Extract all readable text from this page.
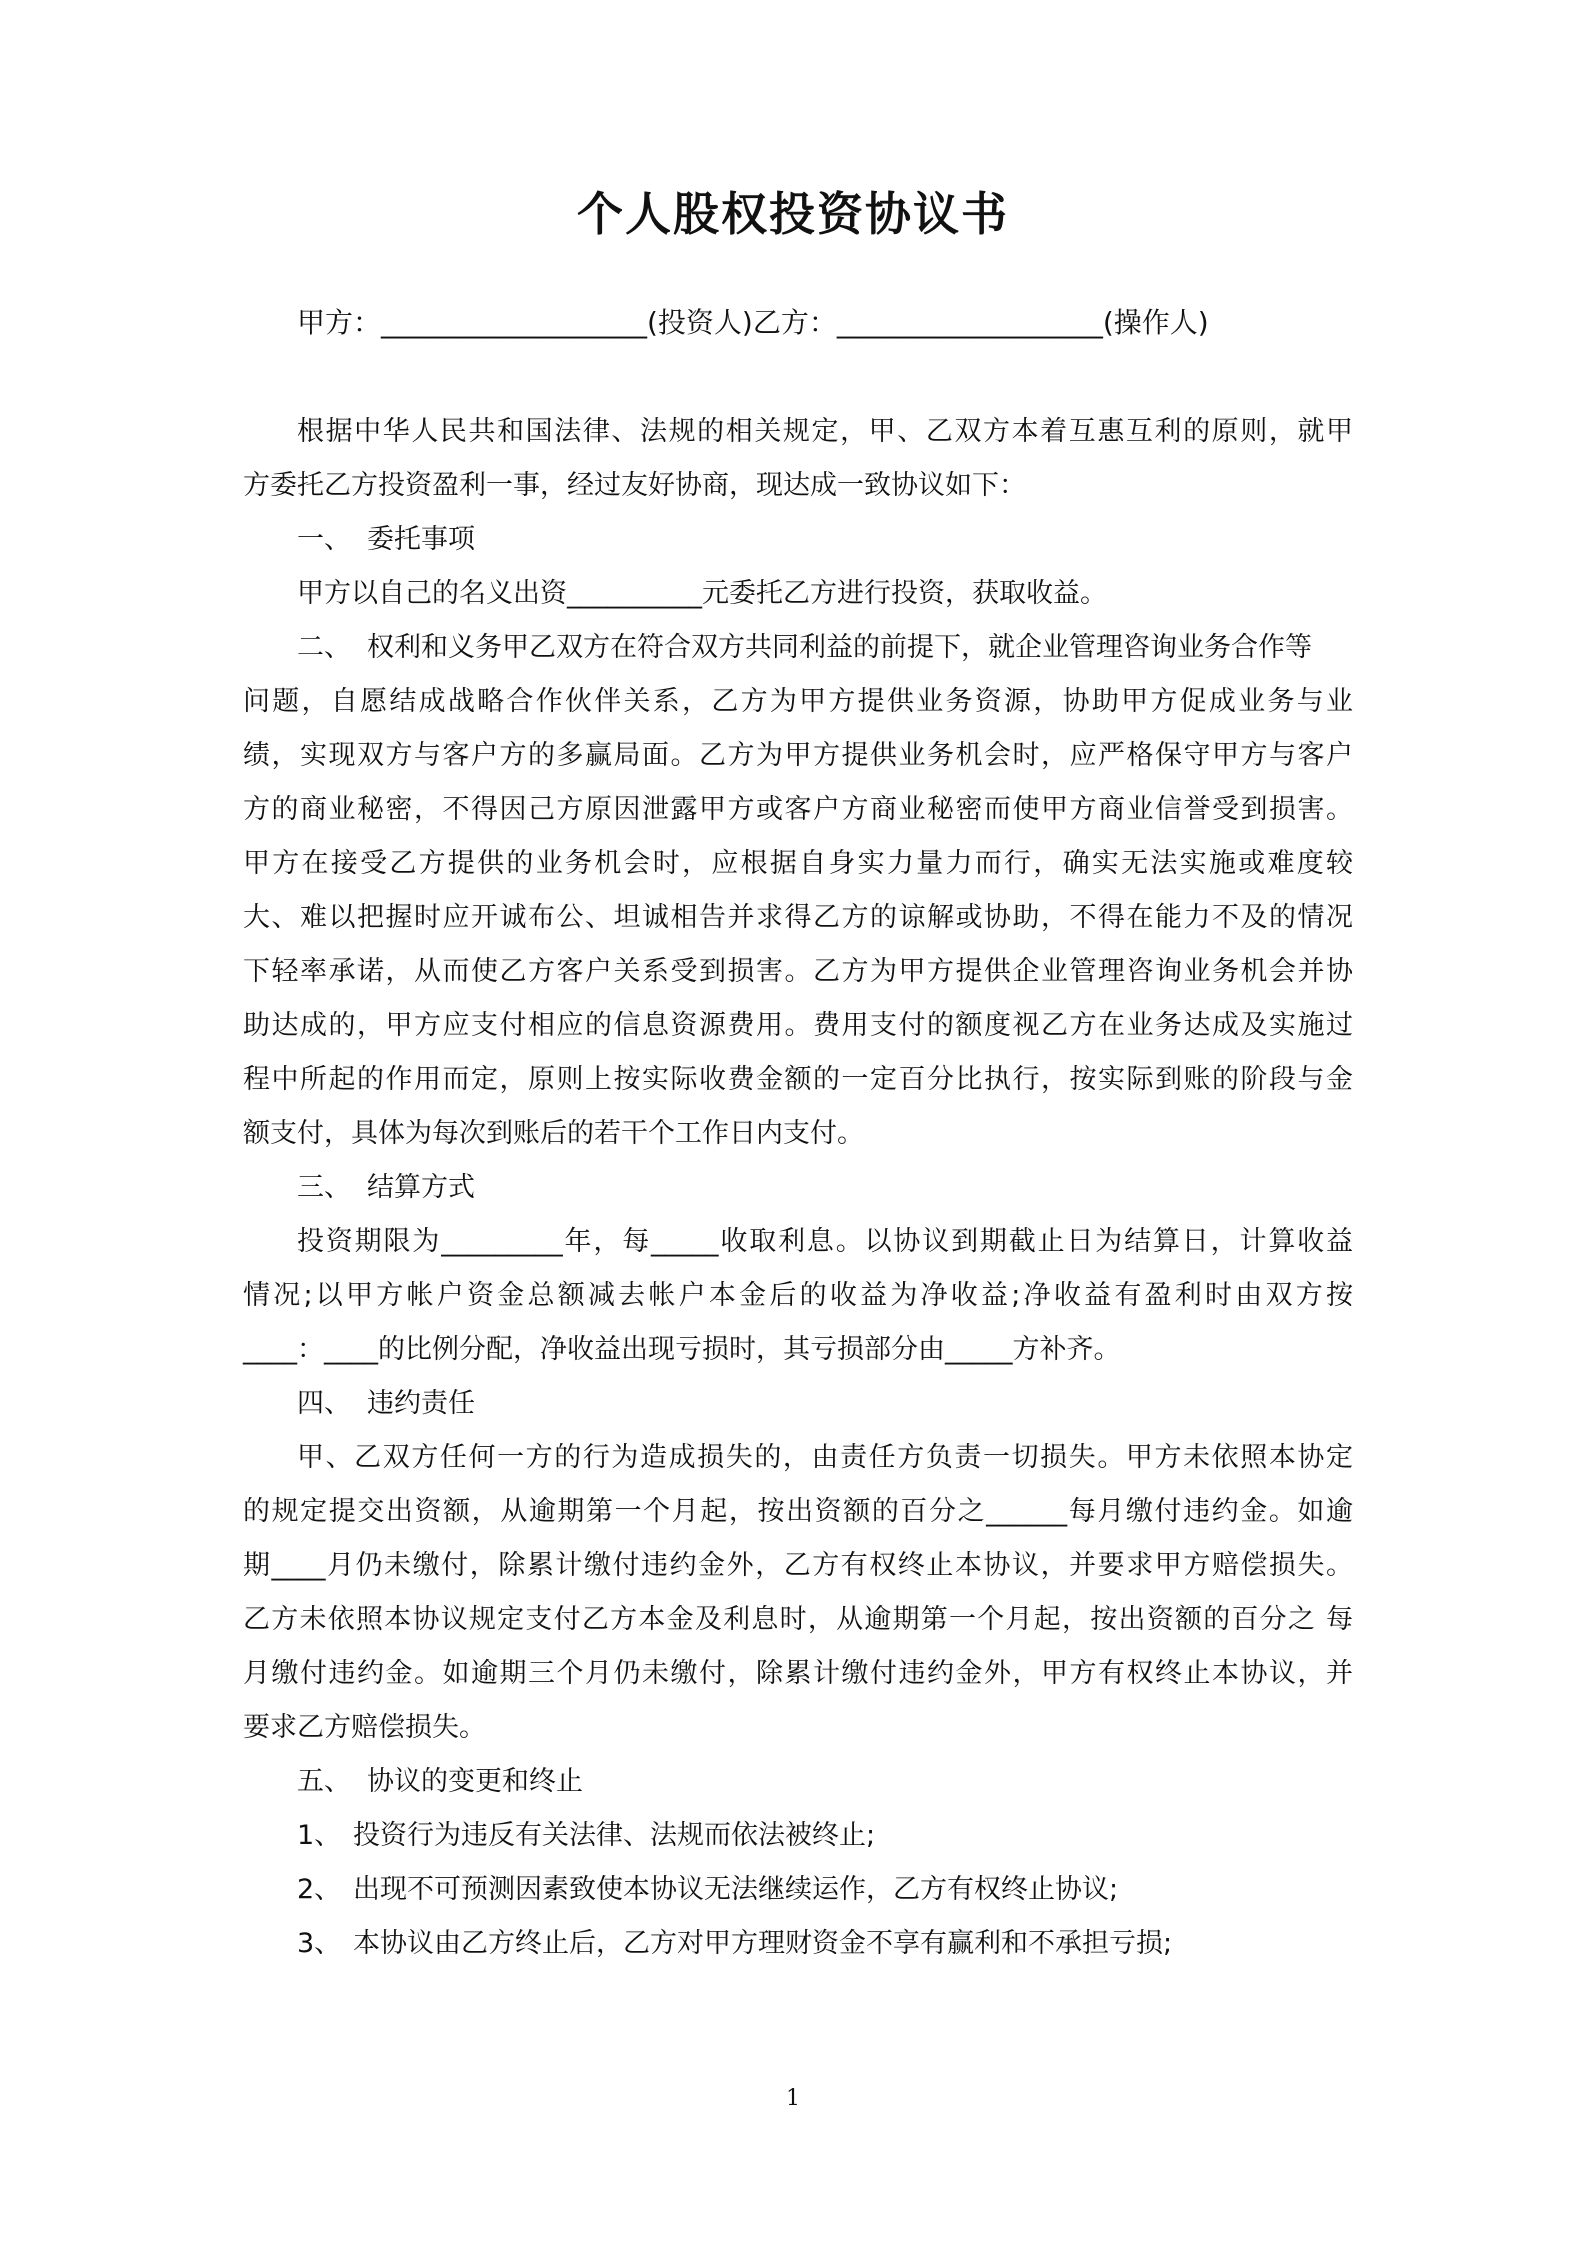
个人股权投资协议书
甲方：___________________(投资人)乙方：___________________(操作人)
根据中华人民共和国法律、法规的相关规定，甲、乙双方本着互惠互利的原则，就甲
方委托乙方投资盈利一事，经过友好协商，现达成一致协议如下：
一、 委托事项
甲方以自己的名义出资__________元委托乙方进行投资，获取收益。
二、 权利和义务甲乙双方在符合双方共同利益的前提下，就企业管理咨询业务合作等
问题，自愿结成战略合作伙伴关系，乙方为甲方提供业务资源，协助甲方促成业务与业
绩，实现双方与客户方的多赢局面。乙方为甲方提供业务机会时，应严格保守甲方与客户
方的商业秘密，不得因己方原因泄露甲方或客户方商业秘密而使甲方商业信誉受到损害。
甲方在接受乙方提供的业务机会时，应根据自身实力量力而行，确实无法实施或难度较
大、难以把握时应开诚布公、坦诚相告并求得乙方的谅解或协助，不得在能力不及的情况
下轻率承诺，从而使乙方客户关系受到损害。乙方为甲方提供企业管理咨询业务机会并协
助达成的，甲方应支付相应的信息资源费用。费用支付的额度视乙方在业务达成及实施过
程中所起的作用而定，原则上按实际收费金额的一定百分比执行，按实际到账的阶段与金
额支付，具体为每次到账后的若干个工作日内支付。
三、 结算方式
投资期限为_________年，每_____收取利息。以协议到期截止日为结算日，计算收益
情况;以甲方帐户资金总额减去帐户本金后的收益为净收益;净收益有盈利时由双方按
____：____的比例分配，净收益出现亏损时，其亏损部分由_____方补齐。
四、 违约责任
甲、乙双方任何一方的行为造成损失的，由责任方负责一切损失。甲方未依照本协定
的规定提交出资额，从逾期第一个月起，按出资额的百分之______每月缴付违约金。如逾
期____月仍未缴付，除累计缴付违约金外，乙方有权终止本协议，并要求甲方赔偿损失。
乙方未依照本协议规定支付乙方本金及利息时，从逾期第一个月起，按出资额的百分之 每
月缴付违约金。如逾期三个月仍未缴付，除累计缴付违约金外，甲方有权终止本协议，并
要求乙方赔偿损失。
五、 协议的变更和终止
1、 投资行为违反有关法律、法规而依法被终止;
2、 出现不可预测因素致使本协议无法继续运作，乙方有权终止协议;
3、 本协议由乙方终止后，乙方对甲方理财资金不享有赢利和不承担亏损;
1
